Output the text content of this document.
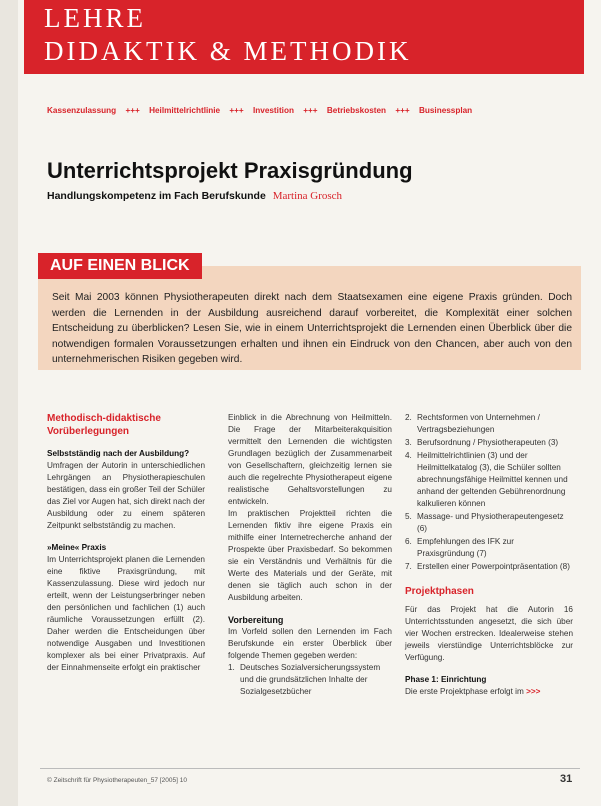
LEHRE
DIDAKTIK & METHODIK
Kassenzulassung +++ Heilmittelrichtlinie +++ Investition +++ Betriebskosten +++ Businessplan
Unterrichtsprojekt Praxisgründung
Handlungskompetenz im Fach Berufskunde Martina Grosch
AUF EINEN BLICK
Seit Mai 2003 können Physiotherapeuten direkt nach dem Staatsexamen eine eigene Praxis gründen. Doch werden die Lernenden in der Ausbildung ausreichend darauf vorbereitet, die Komplexität einer solchen Entscheidung zu überblicken? Lesen Sie, wie in einem Unterrichtsprojekt die Lernenden einen Überblick über die notwendigen formalen Voraussetzungen erhalten und ihnen ein Eindruck von den Chancen, aber auch von den unternehmerischen Risiken gegeben wird.
Methodisch-didaktische Vorüberlegungen
Selbstständig nach der Ausbildung?
Umfragen der Autorin in unterschiedlichen Lehrgängen an Physiotherapieschulen bestätigen, dass ein großer Teil der Schüler das Ziel vor Augen hat, sich direkt nach der Ausbildung oder zu einem späteren Zeitpunkt selbstständig zu machen.
»Meine« Praxis
Im Unterrichtsprojekt planen die Lernenden eine fiktive Praxisgründung, mit Kassenzulassung. Diese wird jedoch nur erteilt, wenn der Leistungserbringer neben den persönlichen und fachlichen (1) auch räumliche Voraussetzungen erfüllt (2). Daher werden die Entscheidungen über notwendige Ausgaben und Investitionen komplexer als bei einer Privatpraxis. Auf der Einnahmenseite erfolgt ein praktischer
Einblick in die Abrechnung von Heilmitteln. Die Frage der Mitarbeiterakquisition vermittelt den Lernenden die wichtigsten Grundlagen bezüglich der Zusammenarbeit von Gesellschaftern, gleichzeitig lernen sie auch die regelrechte Physiotherapeut eigene realistische Gehaltsvorstellungen zu entwickeln.
Im praktischen Projektteil richten die Lernenden fiktiv ihre eigene Praxis ein mithilfe einer Internetrecherche anhand der Prospekte über Praxisbedarf. So bekommen sie ein Verständnis und Verhältnis für die Werte des Materials und der Geräte, mit denen sie täglich auch schon in der Ausbildung arbeiten.
Vorbereitung
Im Vorfeld sollen den Lernenden im Fach Berufskunde ein erster Überblick über folgende Themen gegeben werden:
1. Deutsches Sozialversicherungssystem und die grundsätzlichen Inhalte der Sozialgesetzbücher
2. Rechtsformen von Unternehmen / Vertragsbeziehungen
3. Berufsordnung / Physiotherapeuten (3)
4. Heilmittelrichtlinien (3) und der Heilmittelkatalog (3), die Schüler sollten abrechnungsfähige Heilmittel kennen und anhand der geltenden Gebührenordnung kalkulieren können
5. Massage- und Physiotherapeutengesetz (6)
6. Empfehlungen des IFK zur Praxisgründung (7)
7. Erstellen einer Powerpointpräsentation (8)
Projektphasen
Für das Projekt hat die Autorin 16 Unterrichtsstunden angesetzt, die sich über vier Wochen erstrecken. Idealerweise stehen jeweils vierstündige Unterrichtsblöcke zur Verfügung.
Phase 1: Einrichtung
Die erste Projektphase erfolgt im >>>
© Zeitschrift für Physiotherapeuten_57 [2005] 10	31
